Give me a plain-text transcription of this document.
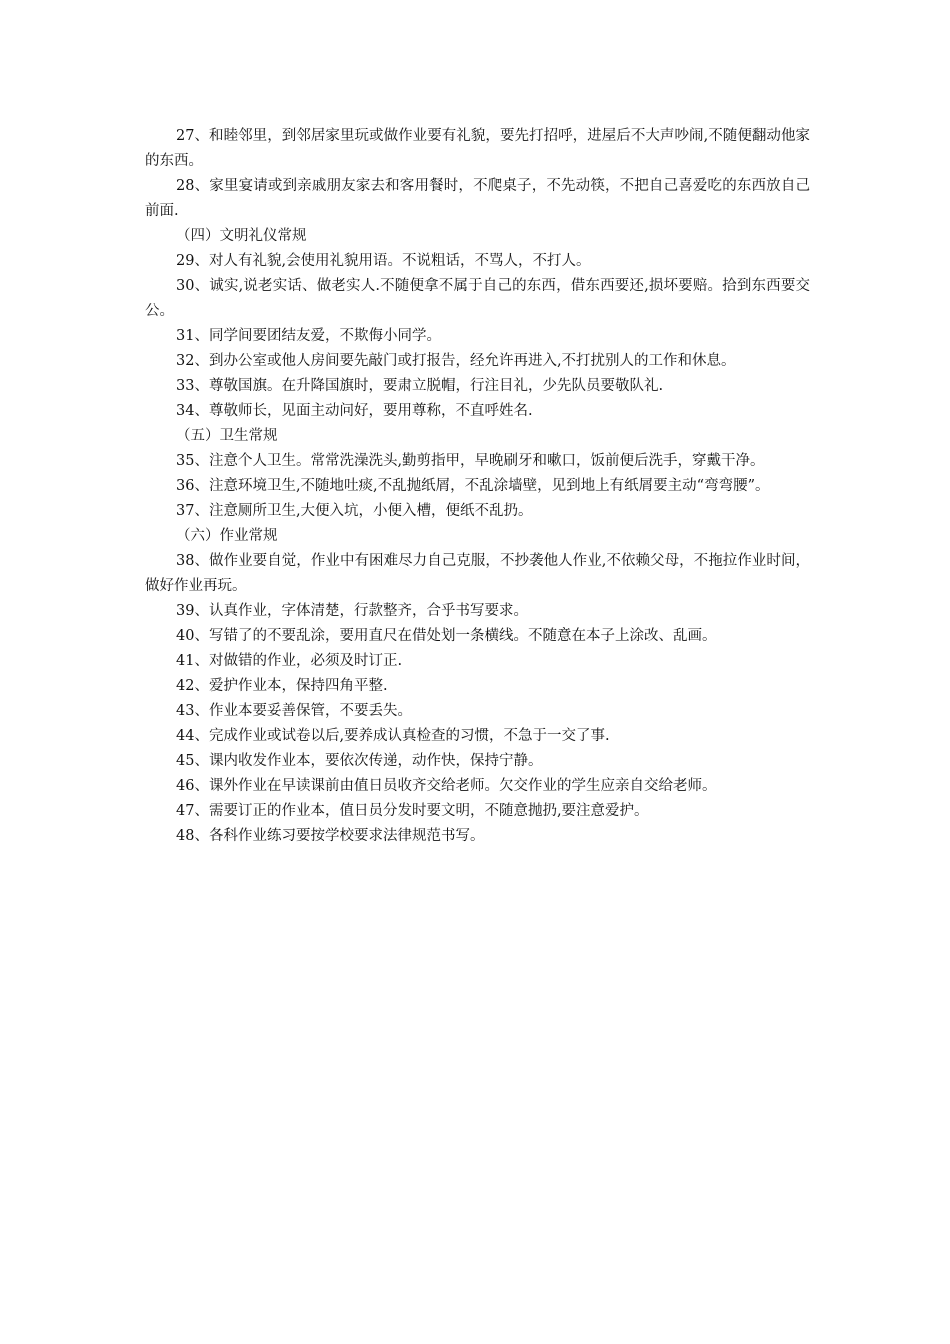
27、和睦邻里，到邻居家里玩或做作业要有礼貌，要先打招呼，进屋后不大声吵闹,不随便翻动他家的东西。

28、家里宴请或到亲戚朋友家去和客用餐时，不爬桌子，不先动筷，不把自己喜爱吃的东西放自己前面.

（四）文明礼仪常规

29、对人有礼貌,会使用礼貌用语。不说粗话，不骂人，不打人。

30、诚实,说老实话、做老实人.不随便拿不属于自己的东西，借东西要还,损坏要赔。拾到东西要交公。

31、同学间要团结友爱，不欺侮小同学。

32、到办公室或他人房间要先敲门或打报告，经允许再进入,不打扰别人的工作和休息。

33、尊敬国旗。在升降国旗时，要肃立脱帽，行注目礼，少先队员要敬队礼.

34、尊敬师长，见面主动问好，要用尊称，不直呼姓名.

（五）卫生常规

35、注意个人卫生。常常洗澡洗头,勤剪指甲，早晚刷牙和嗽口，饭前便后洗手，穿戴干净。

36、注意环境卫生,不随地吐痰,不乱抛纸屑，不乱涂墙壁，见到地上有纸屑要主动“弯弯腰”。

37、注意厕所卫生,大便入坑，小便入槽，便纸不乱扔。

（六）作业常规

38、做作业要自觉，作业中有困难尽力自己克服，不抄袭他人作业,不依赖父母，不拖拉作业时间，做好作业再玩。

39、认真作业，字体清楚，行款整齐，合乎书写要求。

40、写错了的不要乱涂，要用直尺在借处划一条横线。不随意在本子上涂改、乱画。

41、对做错的作业，必须及时订正.

42、爱护作业本，保持四角平整.

43、作业本要妥善保管，不要丢失。

44、完成作业或试卷以后,要养成认真检查的习惯，不急于一交了事.

45、课内收发作业本，要依次传递，动作快，保持宁静。

46、课外作业在早读课前由值日员收齐交给老师。欠交作业的学生应亲自交给老师。

47、需要订正的作业本，值日员分发时要文明，不随意抛扔,要注意爱护。

48、各科作业练习要按学校要求法律规范书写。
